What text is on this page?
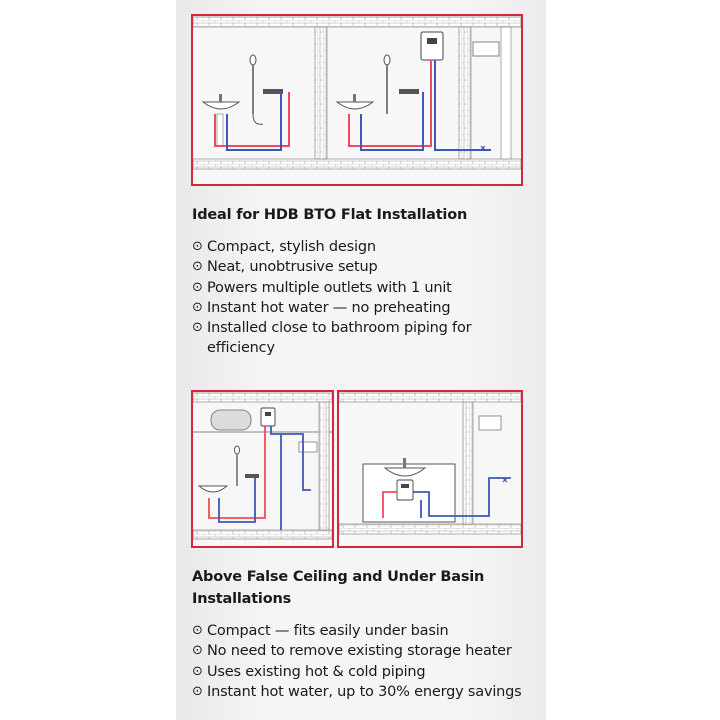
Ideal for HDB BTO Flat Installation
⊙ Compact, stylish design
⊙ Neat, unobtrusive setup
⊙ Powers multiple outlets with 1 unit
⊙ Instant hot water — no preheating
⊙ Installed close to bathroom piping for efficiency
Above False Ceiling and Under Basin
Installations
⊙ Compact — fits easily under basin
⊙ No need to remove existing storage heater
⊙ Uses existing hot & cold piping
⊙ Instant hot water, up to 30% energy savings
